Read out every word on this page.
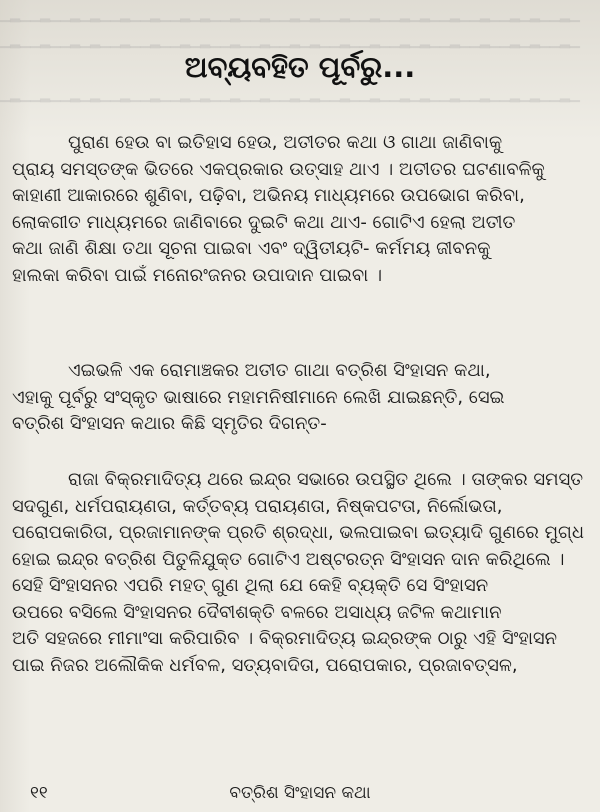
▁▂▁▁▂▁▁▂▁▂▁▁▂▁▁▂▁▁▂▁▂▁▁▂▁▁▂▁▁▂▁▂▁▁▂▁▁▂▁▁▂▁▂▁▁▂▁▁▂▁▁▂▁▂▁▁▂▁
▁▂▁▁▂▁▁▂▁▂▁▁▂▁▁▂▁▁▂▁▂▁▁▂▁▁▂▁▁▂▁▂▁▁▂▁▁▂▁▁▂▁▂▁▁▂▁▁▂▁▁▂▁▂▁▁▂▁
▁▂▁▁▂▁▁▂▁▂▁▁▂▁▁▂▁▁▂▁▂▁▁▂▁▁▂▁▁▂▁▂▁▁▂▁▁▂▁▁▂▁▂▁▁▂▁▁▂▁▁▂▁▂▁▁▂▁
ଅବ୍ୟବହିତ ପୂର୍ବରୁ...
ପୁରାଣ ହେଉ ବା ଇତିହାସ ହେଉ, ଅତୀତର କଥା ଓ ଗାଥା ଜାଣିବାକୁ
ପ୍ରାୟ ସମସ୍ତଙ୍କ ଭିତରେ ଏକପ୍ରକାର ଉତ୍ସାହ ଥାଏ । ଅତୀତର ଘଟଣାବଳିକୁ
କାହାଣୀ ଆକାରରେ ଶୁଣିବା, ପଢ଼ିବା, ଅଭିନୟ ମାଧ୍ୟମରେ ଉପଭୋଗ କରିବା,
ଲୋକଗୀତ ମାଧ୍ୟମରେ ଜାଣିବାରେ ଦୁଇଟି କଥା ଥାଏ- ଗୋଟିଏ ହେଲା ଅତୀତ
କଥା ଜାଣି ଶିକ୍ଷା ତଥା ସୂଚନା ପାଇବା ଏବଂ ଦ୍ୱିତୀୟଟି- କର୍ମମୟ ଜୀବନକୁ
ହାଲକା କରିବା ପାଇଁ ମନୋରଂଜନର ଉପାଦାନ ପାଇବା ।
ଏଇଭଳି ଏକ ରୋମାଞ୍ଚକର ଅତୀତ ଗାଥା ବତ୍ରିଶ ସିଂହାସନ କଥା,
ଏହାକୁ ପୂର୍ବରୁ ସଂସ୍କୃତ ଭାଷାରେ ମହାମନିଷୀମାନେ ଲେଖି ଯାଇଛନ୍ତି, ସେଇ
ବତ୍ରିଶ ସିଂହାସନ କଥାର କିଛି ସ୍ମୃତିର ଦିଗନ୍ତ-
ରାଜା ବିକ୍ରମାଦିତ୍ୟ ଥରେ ଇନ୍ଦ୍ର ସଭାରେ ଉପସ୍ଥିତ ଥିଲେ । ତାଙ୍କର ସମସ୍ତ
ସଦଗୁଣ, ଧର୍ମପରାୟଣତା, କର୍ତ୍ତବ୍ୟ ପରାୟଣତା, ନିଷ୍କପଟତା, ନିର୍ଲୋଭତା,
ପରୋପକାରିତା, ପ୍ରଜାମାନଙ୍କ ପ୍ରତି ଶ୍ରଦ୍ଧା, ଭଲପାଇବା ଇତ୍ୟାଦି ଗୁଣରେ ମୁଗ୍ଧ
ହୋଇ ଇନ୍ଦ୍ର ବତ୍ରିଶ ପିତୁଳିଯୁକ୍ତ ଗୋଟିଏ ଅଷ୍ଟରତ୍ନ ସିଂହାସନ ଦାନ କରିଥିଲେ ।
ସେହି ସିଂହାସନର ଏପରି ମହତ୍ ଗୁଣ ଥିଲା ଯେ କେହି ବ୍ୟକ୍ତି ସେ ସିଂହାସନ
ଉପରେ ବସିଲେ ସିଂହାସନର ଦୈବୀଶକ୍ତି ବଳରେ ଅସାଧ୍ୟ ଜଟିଳ କଥାମାନ
ଅତି ସହଜରେ ମୀମାଂସା କରିପାରିବ । ବିକ୍ରମାଦିତ୍ୟ ଇନ୍ଦ୍ରଙ୍କ ଠାରୁ ଏହି ସିଂହାସନ
ପାଇ ନିଜର ଅଲୌକିକ ଧର୍ମବଳ, ସତ୍ୟବାଦିତା, ପରୋପକାର, ପ୍ରଜାବତ୍ସଳ,
୧୧	ବତ୍ରିଶ ସିଂହାସନ କଥା
